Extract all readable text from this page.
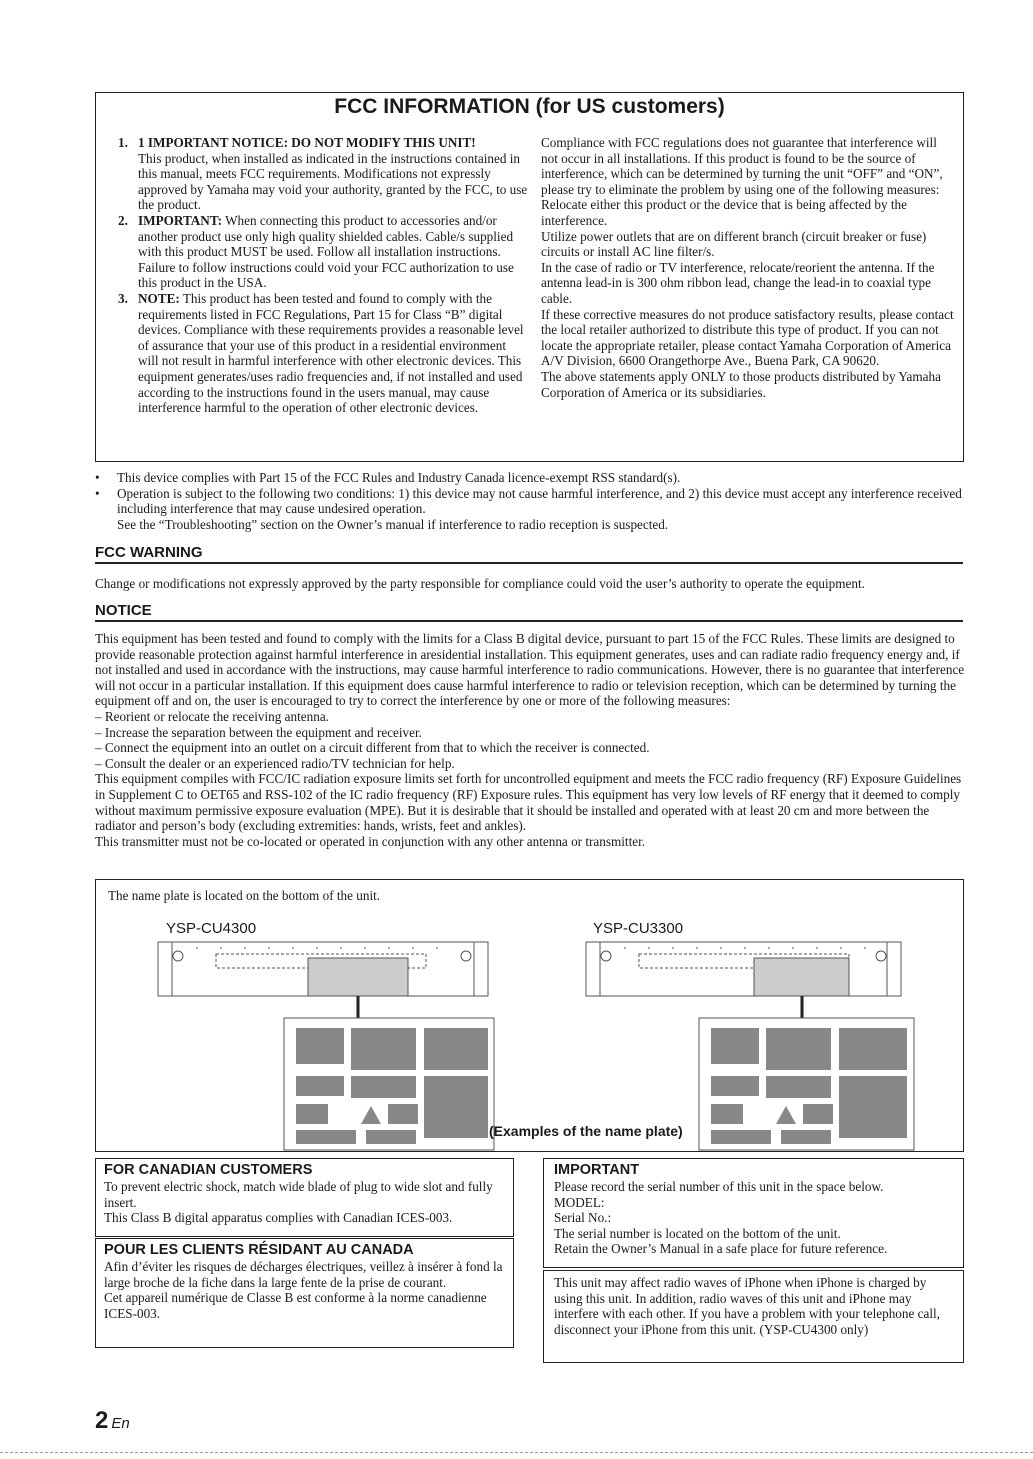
FCC INFORMATION (for US customers)
1. 1 IMPORTANT NOTICE: DO NOT MODIFY THIS UNIT!
This product, when installed as indicated in the instructions contained in this manual, meets FCC requirements. Modifications not expressly approved by Yamaha may void your authority, granted by the FCC, to use the product.
2. IMPORTANT: When connecting this product to accessories and/or another product use only high quality shielded cables. Cable/s supplied with this product MUST be used. Follow all installation instructions. Failure to follow instructions could void your FCC authorization to use this product in the USA.
3. NOTE: This product has been tested and found to comply with the requirements listed in FCC Regulations, Part 15 for Class “B” digital devices. Compliance with these requirements provides a reasonable level of assurance that your use of this product in a residential environment will not result in harmful interference with other electronic devices. This equipment generates/uses radio frequencies and, if not installed and used according to the instructions found in the users manual, may cause interference harmful to the operation of other electronic devices.

Compliance with FCC regulations does not guarantee that interference will not occur in all installations. If this product is found to be the source of interference, which can be determined by turning the unit “OFF” and “ON”, please try to eliminate the problem by using one of the following measures:

Relocate either this product or the device that is being affected by the interference.

Utilize power outlets that are on different branch (circuit breaker or fuse) circuits or install AC line filter/s.

In the case of radio or TV interference, relocate/reorient the antenna. If the antenna lead-in is 300 ohm ribbon lead, change the lead-in to coaxial type cable.

If these corrective measures do not produce satisfactory results, please contact the local retailer authorized to distribute this type of product. If you can not locate the appropriate retailer, please contact Yamaha Corporation of America A/V Division, 6600 Orangethorpe Ave., Buena Park, CA 90620.

The above statements apply ONLY to those products distributed by Yamaha Corporation of America or its subsidiaries.

• This device complies with Part 15 of the FCC Rules and Industry Canada licence-exempt RSS standard(s).
• Operation is subject to the following two conditions: 1) this device may not cause harmful interference, and 2) this device must accept any interference received including interference that may cause undesired operation.
See the “Troubleshooting” section on the Owner’s manual if interference to radio reception is suspected.
FCC WARNING

Change or modifications not expressly approved by the party responsible for compliance could void the user’s authority to operate the equipment.

NOTICE

This equipment has been tested and found to comply with the limits for a Class B digital device, pursuant to part 15 of the FCC Rules. These limits are designed to provide reasonable protection against harmful interference in aresidential installation. This equipment generates, uses and can radiate radio frequency energy and, if not installed and used in accordance with the instructions, may cause harmful interference to radio communications. However, there is no guarantee that interference will not occur in a particular installation. If this equipment does cause harmful interference to radio or television reception, which can be determined by turning the equipment off and on, the user is encouraged to try to correct the interference by one or more of the following measures:

– Reorient or relocate the receiving antenna.

– Increase the separation between the equipment and receiver.

– Connect the equipment into an outlet on a circuit different from that to which the receiver is connected.

– Consult the dealer or an experienced radio/TV technician for help.

This equipment compiles with FCC/IC radiation exposure limits set forth for uncontrolled equipment and meets the FCC radio frequency (RF) Exposure Guidelines in Supplement C to OET65 and RSS-102 of the IC radio frequency (RF) Exposure rules. This equipment has very low levels of RF energy that it deemed to comply without maximum permissive exposure evaluation (MPE). But it is desirable that it should be installed and operated with at least 20 cm and more between the radiator and person’s body (excluding extremities: hands, wrists, feet and ankles).

This transmitter must not be co-located or operated in conjunction with any other antenna or transmitter.

The name plate is located on the bottom of the unit.

YSP-CU4300	YSP-CU3300
(Examples of the name plate)
FOR CANADIAN CUSTOMERS

To prevent electric shock, match wide blade of plug to wide slot and fully insert.

This Class B digital apparatus complies with Canadian ICES-003.

POUR LES CLIENTS RÉSIDANT AU CANADA

Afin d’éviter les risques de décharges électriques, veillez à insérer à fond la large broche de la fiche dans la large fente de la prise de courant.

Cet appareil numérique de Classe B est conforme à la norme canadienne ICES-003.

IMPORTANT

Please record the serial number of this unit in the space below.

MODEL:

Serial No.:

The serial number is located on the bottom of the unit.

Retain the Owner’s Manual in a safe place for future reference.

This unit may affect radio waves of iPhone when iPhone is charged by using this unit. In addition, radio waves of this unit and iPhone may interfere with each other. If you have a problem with your telephone call, disconnect your iPhone from this unit. (YSP-CU4300 only)

2 En
